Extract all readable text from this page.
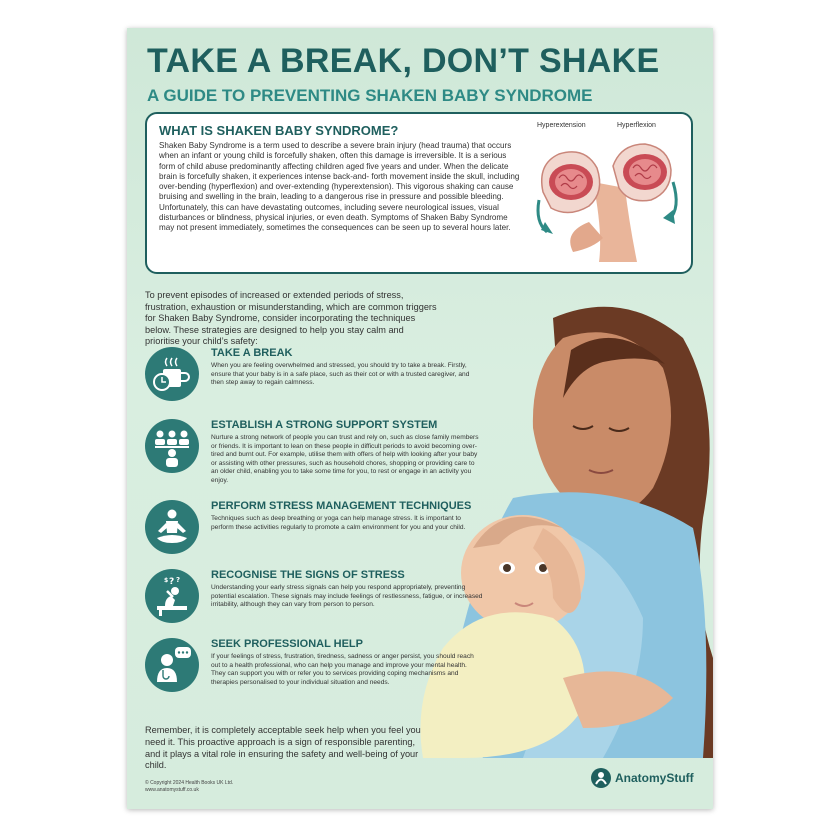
TAKE A BREAK, DON’T SHAKE
A GUIDE TO PREVENTING SHAKEN BABY SYNDROME
WHAT IS SHAKEN BABY SYNDROME?

Shaken Baby Syndrome is a term used to describe a severe brain injury (head trauma) that occurs when an infant or young child is forcefully shaken, often this damage is irreversible. It is a serious form of child abuse predominantly affecting children aged five years and under. When the delicate brain is forcefully shaken, it experiences intense back-and- forth movement inside the skull, including over-bending (hyperflexion) and over-extending (hyperextension). This vigorous shaking can cause bruising and swelling in the brain, leading to a dangerous rise in pressure and possible bleeding. Unfortunately, this can have devastating outcomes, including severe neurological issues, visual disturbances or blindness, physical injuries, or even death. Symptoms of Shaken Baby Syndrome may not present immediately, sometimes the consequences can be seen up to several hours later.

Hyperextension	Hyperflexion

To prevent episodes of increased or extended periods of stress, frustration, exhaustion or misunderstanding, which are common triggers for Shaken Baby Syndrome, consider incorporating the techniques below. These strategies are designed to help you stay calm and prioritise your child’s safety:

TAKE A BREAK

When you are feeling overwhelmed and stressed, you should try to take a break. Firstly, ensure that your baby is in a safe place, such as their cot or with a trusted caregiver, and then step away to regain calmness.

ESTABLISH A STRONG SUPPORT SYSTEM

Nurture a strong network of people you can trust and rely on, such as close family members or friends. It is important to lean on these people in difficult periods to avoid becoming over-tired and burnt out. For example, utilise them with offers of help with looking after your baby or assisting with other pressures, such as household chores, shopping or providing care to an older child, enabling you to take some time for you, to rest or engage in an activity you enjoy.

PERFORM STRESS MANAGEMENT TECHNIQUES

Techniques such as deep breathing or yoga can help manage stress. It is important to perform these activities regularly to promote a calm environment for you and your child.

? ?
$	RECOGNISE THE SIGNS OF STRESS

Understanding your early stress signals can help you respond appropriately, preventing potential escalation. These signals may include feelings of restlessness, fatigue, or increased irritability, although they can vary from person to person.

SEEK PROFESSIONAL HELP

If your feelings of stress, frustration, tiredness, sadness or anger persist, you should reach out to a health professional, who can help you manage and improve your mental health. They can support you with or refer you to services providing coping mechanisms and therapies personalised to your individual situation and needs.

Remember, it is completely acceptable seek help when you feel you need it. This proactive approach is a sign of responsible parenting, and it plays a vital role in ensuring the safety and well-being of your child.

© Copyright 2024 Health Books UK Ltd.
www.anatomystuff.co.uk

AnatomyStuff
